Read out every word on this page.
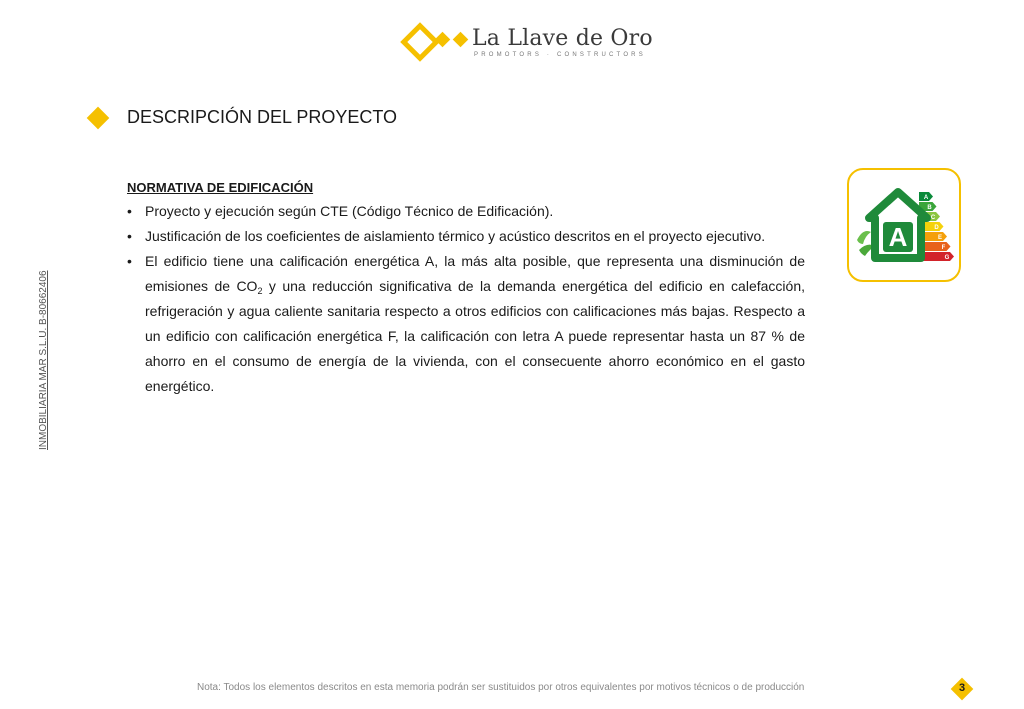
La Llave de Oro
PROMOTORS · CONSTRUCTORS
DESCRIPCIÓN DEL PROYECTO
INMOBILIARIA MAR S.L.U. B-80662406
NORMATIVA DE EDIFICACIÓN
• Proyecto y ejecución según CTE (Código Técnico de Edificación).
• Justificación de los coeficientes de aislamiento térmico y acústico descritos en el proyecto ejecutivo.
• El edificio tiene una calificación energética A, la más alta posible, que representa una disminución de emisiones de $CO_2$ y una reducción significativa de la demanda energética del edificio en calefacción, refrigeración y agua caliente sanitaria respecto a otros edificios con calificaciones más bajas. Respecto a un edificio con calificación energética F, la calificación con letra A puede representar hasta un 87 % de ahorro en el consumo de energía de la vivienda, con el consecuente ahorro económico en el gasto energético.
A
B
C
D
E
F
G
A
Nota: Todos los elementos descritos en esta memoria podrán ser sustituidos por otros equivalentes por motivos técnicos o de producción	3
